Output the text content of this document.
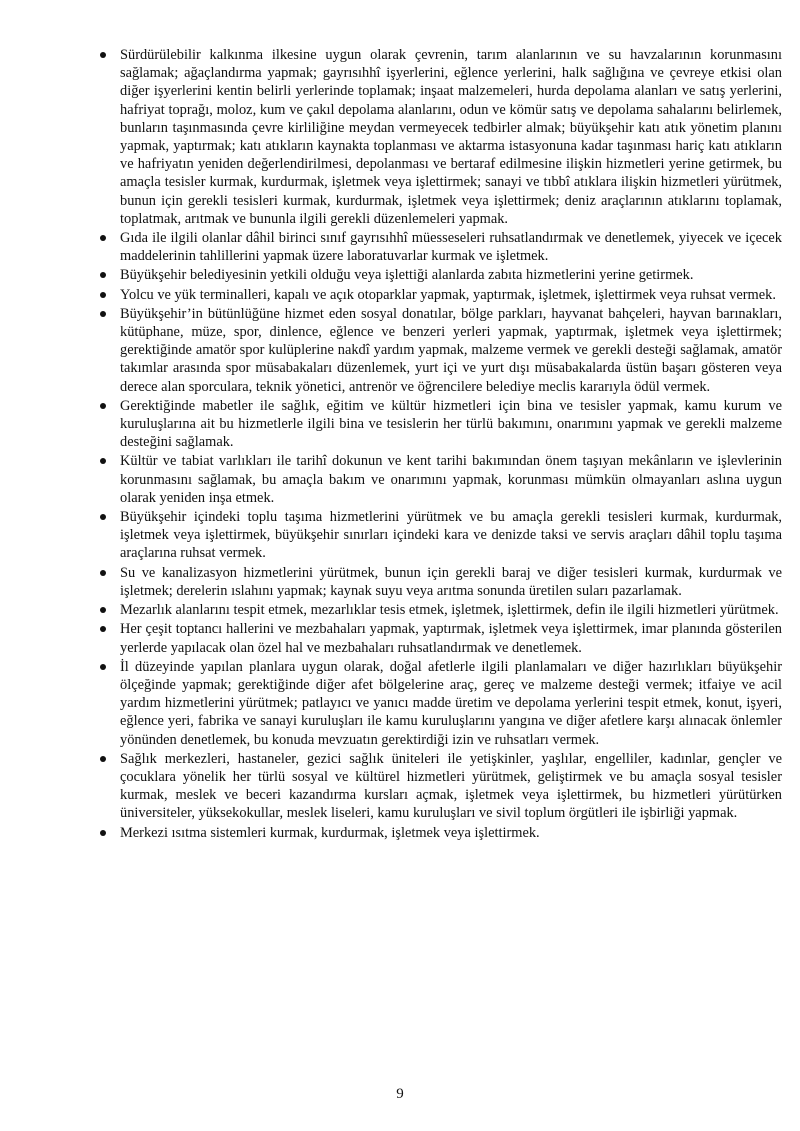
Sürdürülebilir kalkınma ilkesine uygun olarak çevrenin, tarım alanlarının ve su havzalarının korunmasını sağlamak; ağaçlandırma yapmak; gayrısıhhî işyerlerini, eğlence yerlerini, halk sağlığına ve çevreye etkisi olan diğer işyerlerini kentin belirli yerlerinde toplamak; inşaat malzemeleri, hurda depolama alanları ve satış yerlerini, hafriyat toprağı, moloz, kum ve çakıl depolama alanlarını, odun ve kömür satış ve depolama sahalarını belirlemek, bunların taşınmasında çevre kirliliğine meydan vermeyecek tedbirler almak; büyükşehir katı atık yönetim planını yapmak, yaptırmak; katı atıkların kaynakta toplanması ve aktarma istasyonuna kadar taşınması hariç katı atıkların ve hafriyatın yeniden değerlendirilmesi, depolanması ve bertaraf edilmesine ilişkin hizmetleri yerine getirmek, bu amaçla tesisler kurmak, kurdurmak, işletmek veya işlettirmek; sanayi ve tıbbî atıklara ilişkin hizmetleri yürütmek, bunun için gerekli tesisleri kurmak, kurdurmak, işletmek veya işlettirmek; deniz araçlarının atıklarını toplamak, toplatmak, arıtmak ve bununla ilgili gerekli düzenlemeleri yapmak.
Gıda ile ilgili olanlar dâhil birinci sınıf gayrısıhhî müesseseleri ruhsatlandırmak ve denetlemek, yiyecek ve içecek maddelerinin tahlillerini yapmak üzere laboratuvarlar kurmak ve işletmek.
Büyükşehir belediyesinin yetkili olduğu veya işlettiği alanlarda zabıta hizmetlerini yerine getirmek.
Yolcu ve yük terminalleri, kapalı ve açık otoparklar yapmak, yaptırmak, işletmek, işlettirmek veya ruhsat vermek.
Büyükşehir’in bütünlüğüne hizmet eden sosyal donatılar, bölge parkları, hayvanat bahçeleri, hayvan barınakları, kütüphane, müze, spor, dinlence, eğlence ve benzeri yerleri yapmak, yaptırmak, işletmek veya işlettirmek; gerektiğinde amatör spor kulüplerine nakdî yardım yapmak, malzeme vermek ve gerekli desteği sağlamak, amatör takımlar arasında spor müsabakaları düzenlemek, yurt içi ve yurt dışı müsabakalarda üstün başarı gösteren veya derece alan sporculara, teknik yönetici, antrenör ve öğrencilere belediye meclis kararıyla ödül vermek.
Gerektiğinde mabetler ile sağlık, eğitim ve kültür hizmetleri için bina ve tesisler yapmak, kamu kurum ve kuruluşlarına ait bu hizmetlerle ilgili bina ve tesislerin her türlü bakımını, onarımını yapmak ve gerekli malzeme desteğini sağlamak.
Kültür ve tabiat varlıkları ile tarihî dokunun ve kent tarihi bakımından önem taşıyan mekânların ve işlevlerinin korunmasını sağlamak, bu amaçla bakım ve onarımını yapmak, korunması mümkün olmayanları aslına uygun olarak yeniden inşa etmek.
Büyükşehir içindeki toplu taşıma hizmetlerini yürütmek ve bu amaçla gerekli tesisleri kurmak, kurdurmak, işletmek veya işlettirmek, büyükşehir sınırları içindeki kara ve denizde taksi ve servis araçları dâhil toplu taşıma araçlarına ruhsat vermek.
Su ve kanalizasyon hizmetlerini yürütmek, bunun için gerekli baraj ve diğer tesisleri kurmak, kurdurmak ve işletmek; derelerin ıslahını yapmak; kaynak suyu veya arıtma sonunda üretilen suları pazarlamak.
Mezarlık alanlarını tespit etmek, mezarlıklar tesis etmek, işletmek, işlettirmek, defin ile ilgili hizmetleri yürütmek.
Her çeşit toptancı hallerini ve mezbahaları yapmak, yaptırmak, işletmek veya işlettirmek, imar planında gösterilen yerlerde yapılacak olan özel hal ve mezbahaları ruhsatlandırmak ve denetlemek.
İl düzeyinde yapılan planlara uygun olarak, doğal afetlerle ilgili planlamaları ve diğer hazırlıkları büyükşehir ölçeğinde yapmak; gerektiğinde diğer afet bölgelerine araç, gereç ve malzeme desteği vermek; itfaiye ve acil yardım hizmetlerini yürütmek; patlayıcı ve yanıcı madde üretim ve depolama yerlerini tespit etmek, konut, işyeri, eğlence yeri, fabrika ve sanayi kuruluşları ile kamu kuruluşlarını yangına ve diğer afetlere karşı alınacak önlemler yönünden denetlemek, bu konuda mevzuatın gerektirdiği izin ve ruhsatları vermek.
Sağlık merkezleri, hastaneler, gezici sağlık üniteleri ile yetişkinler, yaşlılar, engelliler, kadınlar, gençler ve çocuklara yönelik her türlü sosyal ve kültürel hizmetleri yürütmek, geliştirmek ve bu amaçla sosyal tesisler kurmak, meslek ve beceri kazandırma kursları açmak, işletmek veya işlettirmek, bu hizmetleri yürütürken üniversiteler, yüksekokullar, meslek liseleri, kamu kuruluşları ve sivil toplum örgütleri ile işbirliği yapmak.
Merkezi ısıtma sistemleri kurmak, kurdurmak, işletmek veya işlettirmek.
9
